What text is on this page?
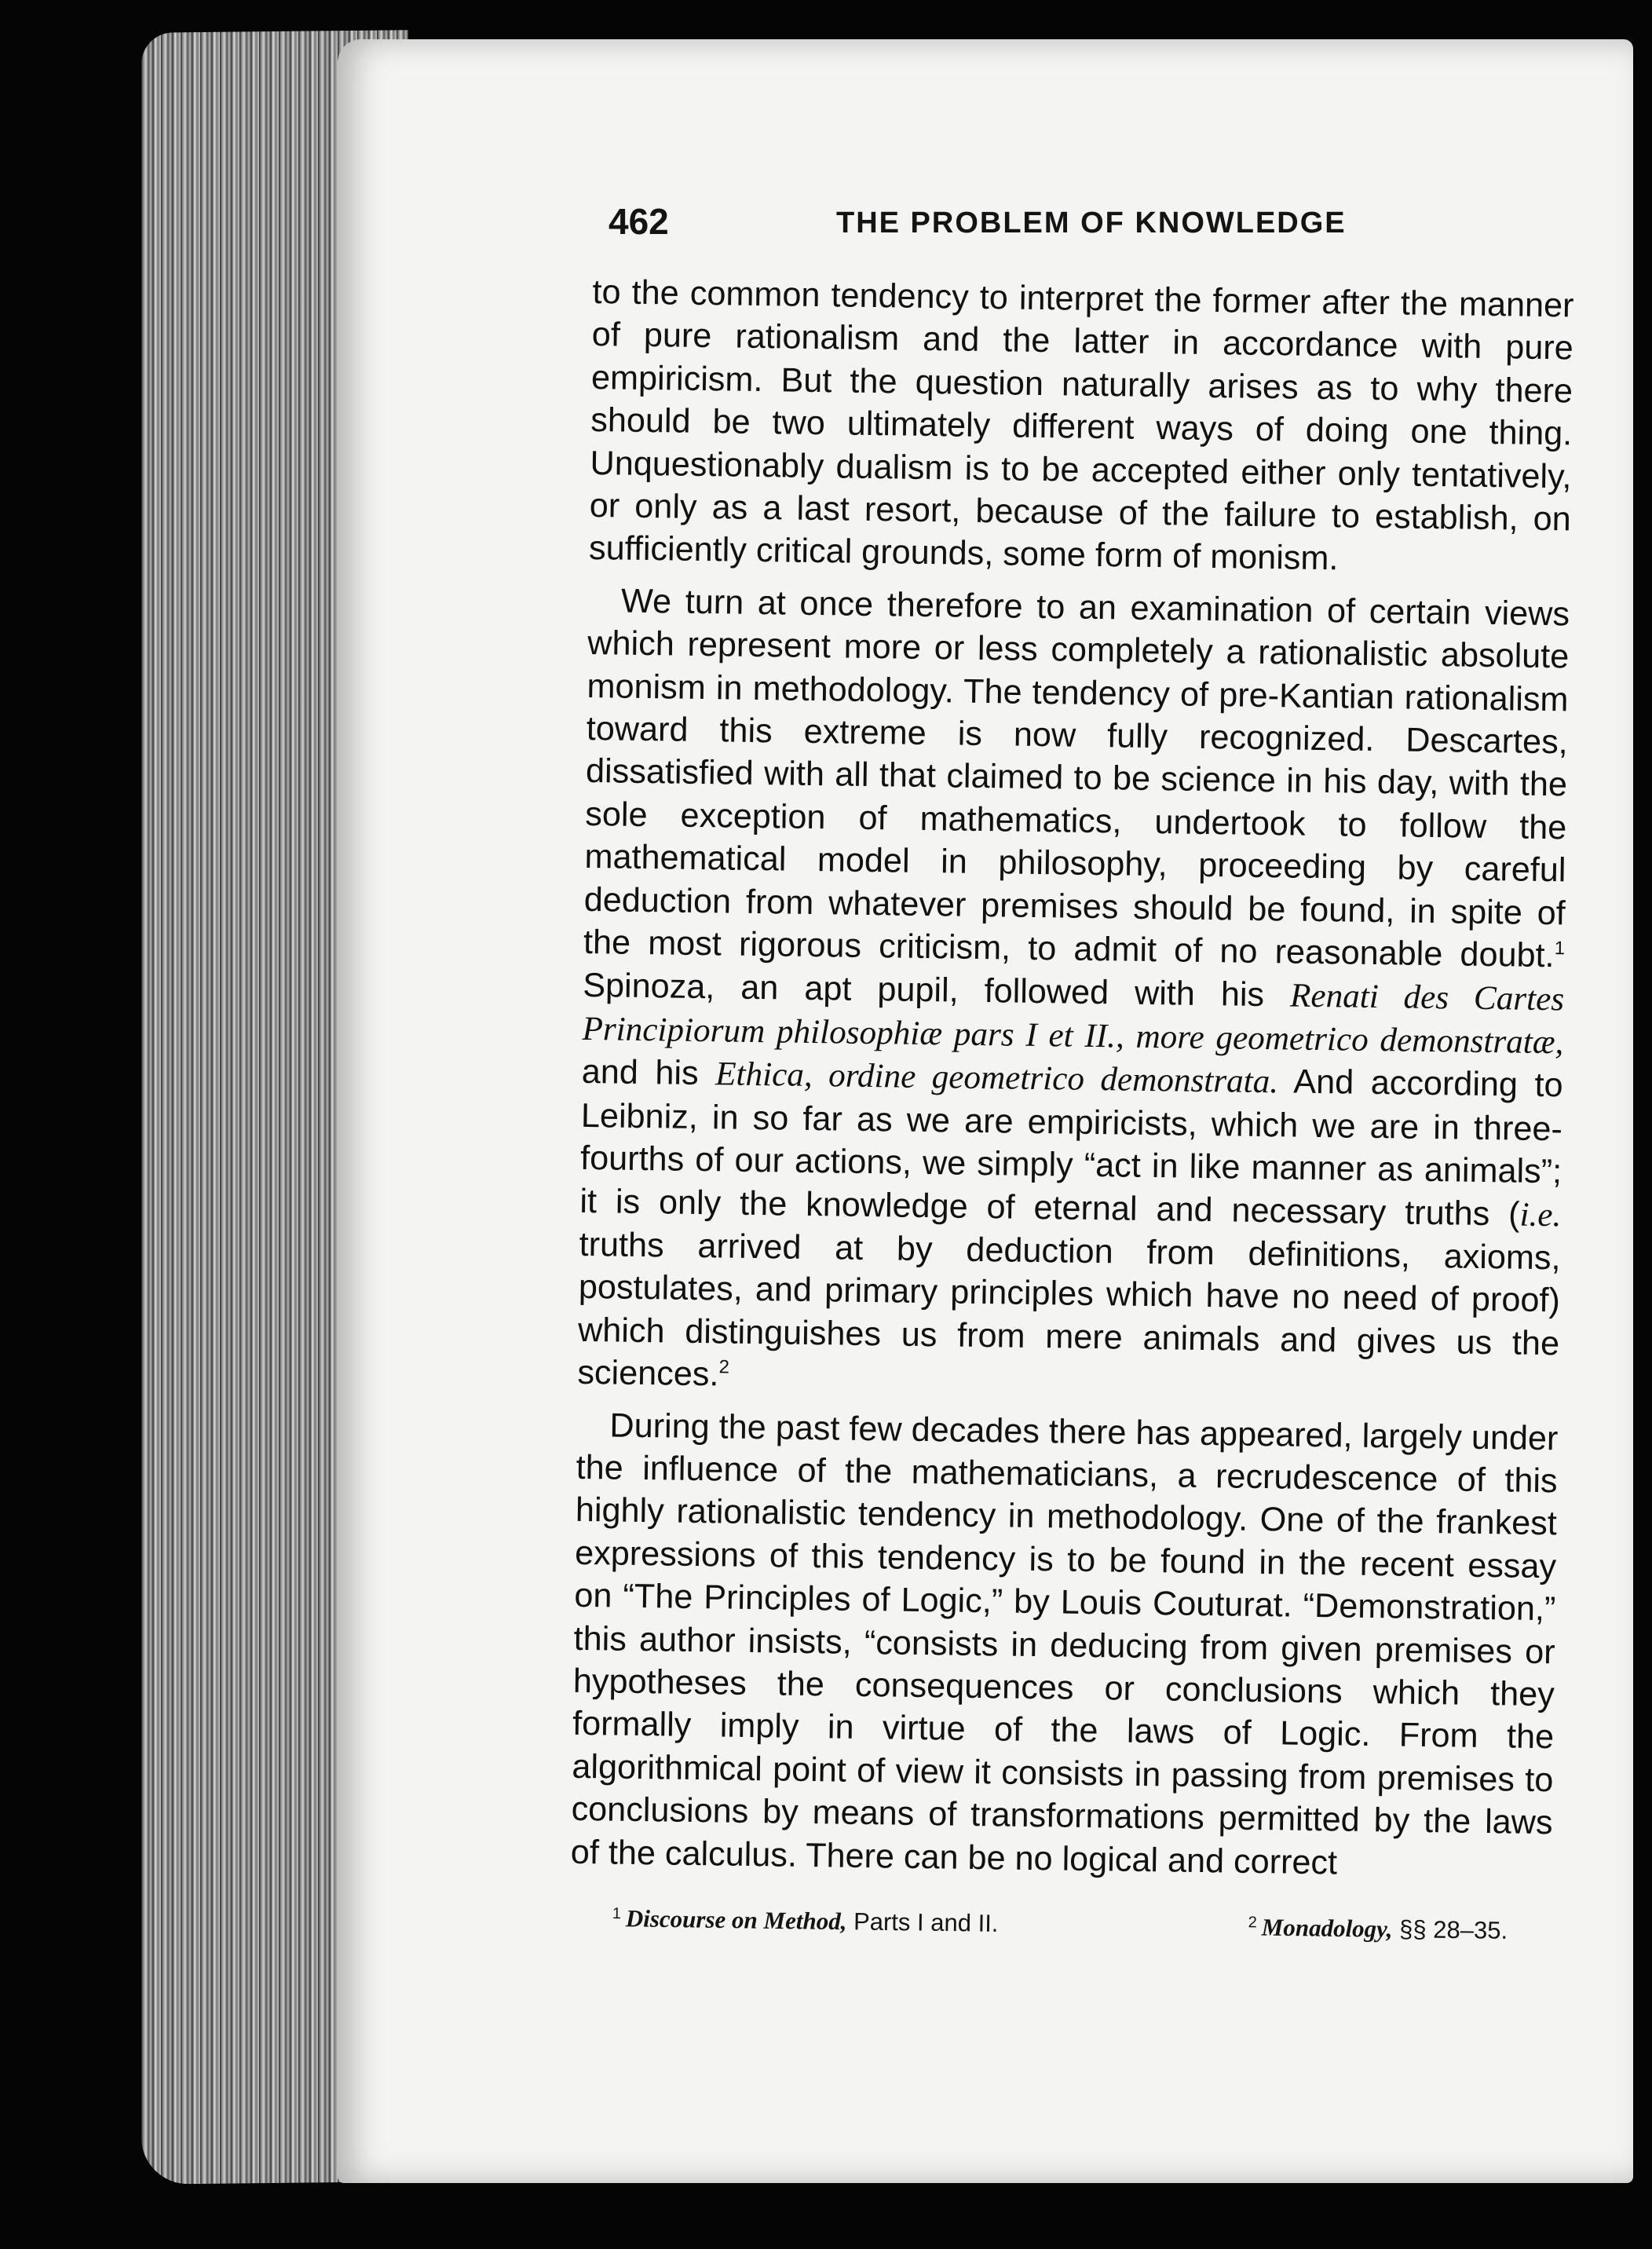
462	THE PROBLEM OF KNOWLEDGE

to the common tendency to interpret the former after the manner of pure rationalism and the latter in accordance with pure empiricism. But the question naturally arises as to why there should be two ultimately different ways of doing one thing. Unquestionably dualism is to be accepted either only tentatively, or only as a last resort, because of the failure to establish, on sufficiently critical grounds, some form of monism.

We turn at once therefore to an examination of certain views which represent more or less completely a rationalistic absolute monism in methodology. The tendency of pre-Kantian rationalism toward this extreme is now fully recognized. Descartes, dissatisfied with all that claimed to be science in his day, with the sole exception of mathematics, undertook to follow the mathematical model in philosophy, proceeding by careful deduction from whatever premises should be found, in spite of the most rigorous criticism, to admit of no reasonable doubt.$^1$ Spinoza, an apt pupil, followed with his Renati des Cartes Principiorum philosophiæ pars I et II., more geometrico demonstratæ, and his Ethica, ordine geometrico demonstrata. And according to Leibniz, in so far as we are empiricists, which we are in three-fourths of our actions, we simply “act in like manner as animals”; it is only the knowledge of eternal and necessary truths (i.e. truths arrived at by deduction from definitions, axioms, postulates, and primary principles which have no need of proof) which distinguishes us from mere animals and gives us the sciences.$^2$

During the past few decades there has appeared, largely under the influence of the mathematicians, a recrudescence of this highly rationalistic tendency in methodology. One of the frankest expressions of this tendency is to be found in the recent essay on “The Principles of Logic,” by Louis Couturat. “Demonstration,” this author insists, “consists in deducing from given premises or hypotheses the consequences or conclusions which they formally imply in virtue of the laws of Logic. From the algorithmical point of view it consists in passing from premises to conclusions by means of transformations permitted by the laws of the calculus. There can be no logical and correct

$^1$ Discourse on Method, Parts I and II.	$^2$ Monadology, §§ 28–35.
